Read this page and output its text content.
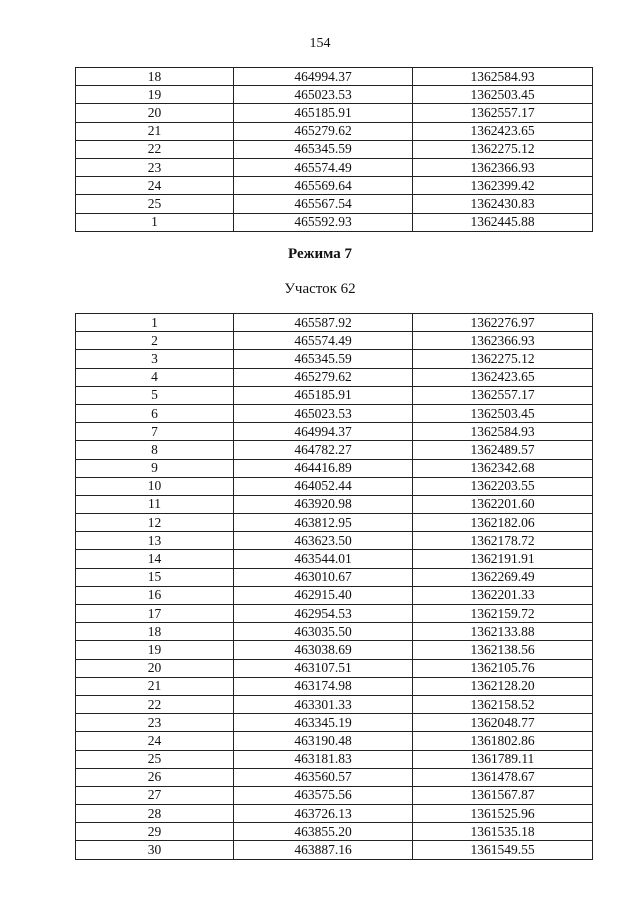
154
18	464994.37	1362584.93
19	465023.53	1362503.45
20	465185.91	1362557.17
21	465279.62	1362423.65
22	465345.59	1362275.12
23	465574.49	1362366.93
24	465569.64	1362399.42
25	465567.54	1362430.83
1	465592.93	1362445.88
Режима 7
Участок 62
1	465587.92	1362276.97
2	465574.49	1362366.93
3	465345.59	1362275.12
4	465279.62	1362423.65
5	465185.91	1362557.17
6	465023.53	1362503.45
7	464994.37	1362584.93
8	464782.27	1362489.57
9	464416.89	1362342.68
10	464052.44	1362203.55
11	463920.98	1362201.60
12	463812.95	1362182.06
13	463623.50	1362178.72
14	463544.01	1362191.91
15	463010.67	1362269.49
16	462915.40	1362201.33
17	462954.53	1362159.72
18	463035.50	1362133.88
19	463038.69	1362138.56
20	463107.51	1362105.76
21	463174.98	1362128.20
22	463301.33	1362158.52
23	463345.19	1362048.77
24	463190.48	1361802.86
25	463181.83	1361789.11
26	463560.57	1361478.67
27	463575.56	1361567.87
28	463726.13	1361525.96
29	463855.20	1361535.18
30	463887.16	1361549.55
